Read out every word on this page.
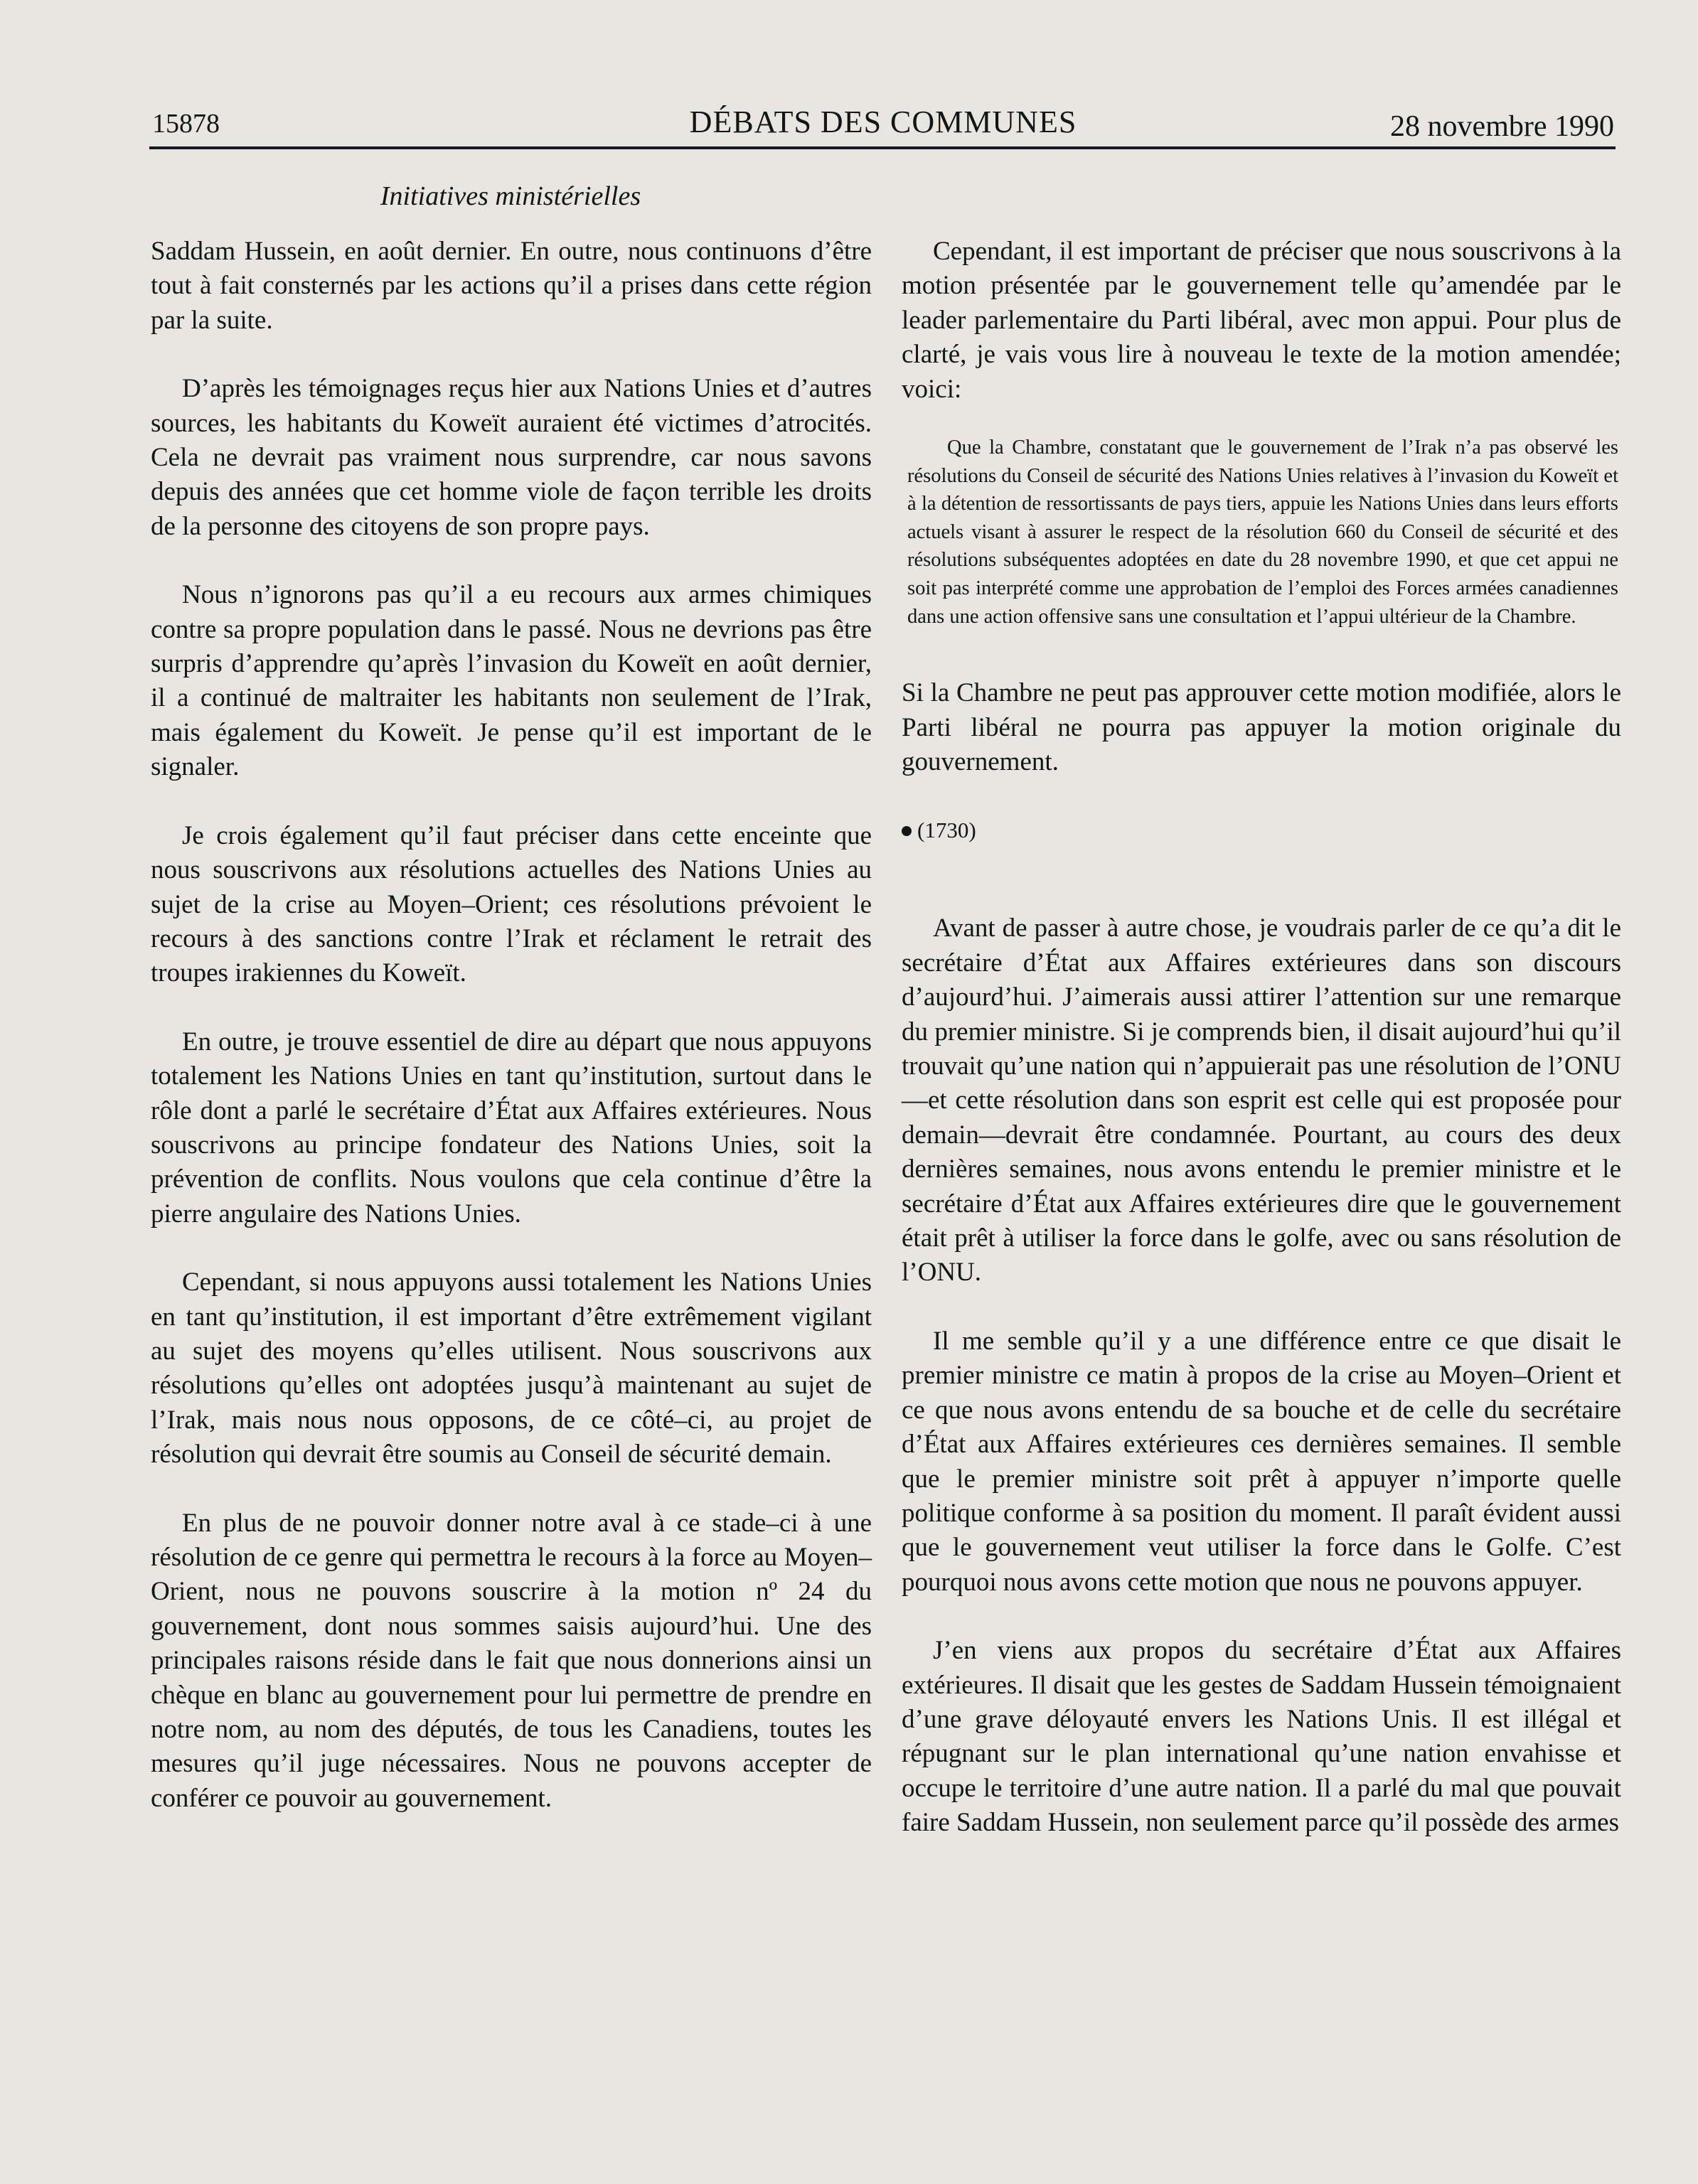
15878	DÉBATS DES COMMUNES	28 novembre 1990
Initiatives ministérielles

Saddam Hussein, en août dernier. En outre, nous continuons d’être tout à fait consternés par les actions qu’il a prises dans cette région par la suite.

D’après les témoignages reçus hier aux Nations Unies et d’autres sources, les habitants du Koweït auraient été victimes d’atrocités. Cela ne devrait pas vraiment nous surprendre, car nous savons depuis des années que cet homme viole de façon terrible les droits de la personne des citoyens de son propre pays.

Nous n’ignorons pas qu’il a eu recours aux armes chimiques contre sa propre population dans le passé. Nous ne devrions pas être surpris d’apprendre qu’après l’invasion du Koweït en août dernier, il a continué de maltraiter les habitants non seulement de l’Irak, mais également du Koweït. Je pense qu’il est important de le signaler.

Je crois également qu’il faut préciser dans cette enceinte que nous souscrivons aux résolutions actuelles des Nations Unies au sujet de la crise au Moyen–Orient; ces résolutions prévoient le recours à des sanctions contre l’Irak et réclament le retrait des troupes irakiennes du Koweït.

En outre, je trouve essentiel de dire au départ que nous appuyons totalement les Nations Unies en tant qu’institution, surtout dans le rôle dont a parlé le secrétaire d’État aux Affaires extérieures. Nous souscrivons au principe fondateur des Nations Unies, soit la prévention de conflits. Nous voulons que cela continue d’être la pierre angulaire des Nations Unies.

Cependant, si nous appuyons aussi totalement les Nations Unies en tant qu’institution, il est important d’être extrêmement vigilant au sujet des moyens qu’elles utilisent. Nous souscrivons aux résolutions qu’elles ont adoptées jusqu’à maintenant au sujet de l’Irak, mais nous nous opposons, de ce côté–ci, au projet de résolution qui devrait être soumis au Conseil de sécurité demain.

En plus de ne pouvoir donner notre aval à ce stade–ci à une résolution de ce genre qui permettra le recours à la force au Moyen–Orient, nous ne pouvons souscrire à la motion nº 24 du gouvernement, dont nous sommes saisis aujourd’hui. Une des principales raisons réside dans le fait que nous donnerions ainsi un chèque en blanc au gouvernement pour lui permettre de prendre en notre nom, au nom des députés, de tous les Canadiens, toutes les mesures qu’il juge nécessaires. Nous ne pouvons accepter de conférer ce pouvoir au gouvernement.

Cependant, il est important de préciser que nous souscrivons à la motion présentée par le gouvernement telle qu’amendée par le leader parlementaire du Parti libéral, avec mon appui. Pour plus de clarté, je vais vous lire à nouveau le texte de la motion amendée; voici:

Que la Chambre, constatant que le gouvernement de l’Irak n’a pas observé les résolutions du Conseil de sécurité des Nations Unies relatives à l’invasion du Koweït et à la détention de ressortissants de pays tiers, appuie les Nations Unies dans leurs efforts actuels visant à assurer le respect de la résolution 660 du Conseil de sécurité et des résolutions subséquentes adoptées en date du 28 novembre 1990, et que cet appui ne soit pas interprété comme une approbation de l’emploi des Forces armées canadiennes dans une action offensive sans une consultation et l’appui ultérieur de la Chambre.

Si la Chambre ne peut pas approuver cette motion modifiée, alors le Parti libéral ne pourra pas appuyer la motion originale du gouvernement.

(1730)

Avant de passer à autre chose, je voudrais parler de ce qu’a dit le secrétaire d’État aux Affaires extérieures dans son discours d’aujourd’hui. J’aimerais aussi attirer l’attention sur une remarque du premier ministre. Si je comprends bien, il disait aujourd’hui qu’il trouvait qu’une nation qui n’appuierait pas une résolution de l’ONU—et cette résolution dans son esprit est celle qui est proposée pour demain—devrait être condamnée. Pourtant, au cours des deux dernières semaines, nous avons entendu le premier ministre et le secrétaire d’État aux Affaires extérieures dire que le gouvernement était prêt à utiliser la force dans le golfe, avec ou sans résolution de l’ONU.

Il me semble qu’il y a une différence entre ce que disait le premier ministre ce matin à propos de la crise au Moyen–Orient et ce que nous avons entendu de sa bouche et de celle du secrétaire d’État aux Affaires extérieures ces dernières semaines. Il semble que le premier ministre soit prêt à appuyer n’importe quelle politique conforme à sa position du moment. Il paraît évident aussi que le gouvernement veut utiliser la force dans le Golfe. C’est pourquoi nous avons cette motion que nous ne pouvons appuyer.

J’en viens aux propos du secrétaire d’État aux Affaires extérieures. Il disait que les gestes de Saddam Hussein témoignaient d’une grave déloyauté envers les Nations Unis. Il est illégal et répugnant sur le plan international qu’une nation envahisse et occupe le territoire d’une autre nation. Il a parlé du mal que pouvait faire Saddam Hussein, non seulement parce qu’il possède des armes
